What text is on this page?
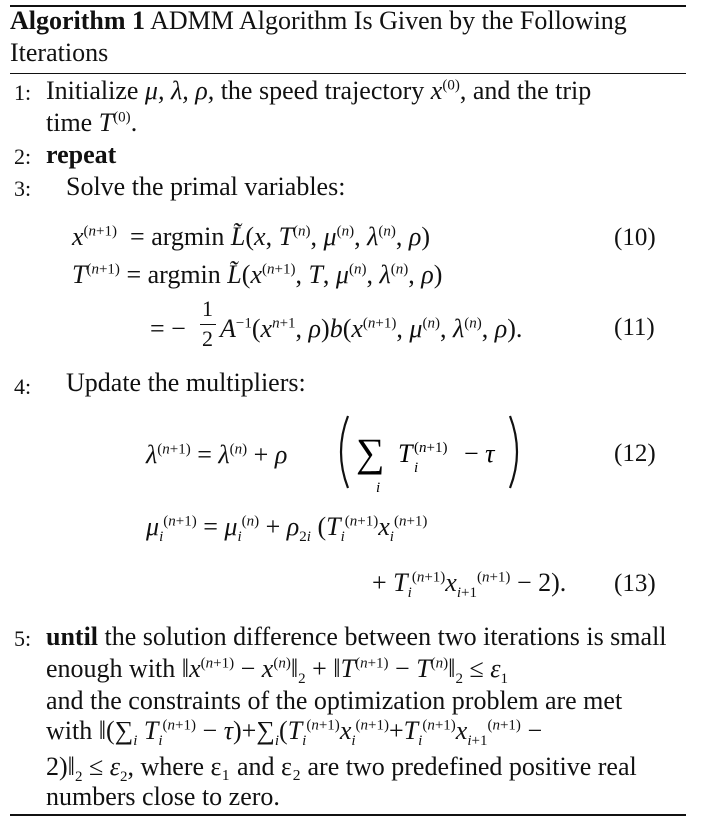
Algorithm 1 ADMM Algorithm Is Given by the Following
Iterations
1: Initialize μ, λ, ρ, the speed trajectory $x^{(0)}$, and the trip
time $T^{(0)}$.
2: repeat
3: Solve the primal variables:
$x^{(n+1)} = argmin$ L̃(x, $T^{(n)}$, $\mu^{(n)}$, $\lambda^{(n)}$, ρ)	(10)
$T^{(n+1)} = argmin$ $L̃(x^{(n+1)}$, T, $\mu^{(n)}$, $\lambda^{(n)}$, ρ)
= −
1
2 $A^{-1}(x^{n+1}$, $\rho)b(x^{(n+1)}$, $\mu^{(n)}$, $\lambda^{(n)}$, ρ).	(11)
4: Update the multipliers:
$\lambda^{(n+1)} = \lambda^{(n)} + \rho$ ∑
i
T (n+1)
i − τ	(12)
$\mu_i^{(n+1)} = \mu_i^{(n)} + \rho_{2i}$ ($T_i^{(n+1)}x_i^{(n+1)}$
+ $T_i^{(n+1)}x_{i+1}^{(n+1)} - 2$). (13)
5: until the solution difference between two iterations is small
enough with $‖x^{(n+1)}$ − $x^{(n)}‖_2$ + $‖T^{(n+1)}$ − $T^{(n)}‖_2 \le \varepsilon_1$
and the constraints of the optimization problem are met
with $‖(\sum_i$ $T_i^{(n+1)} - \tau)+\sum_i(T_i^{(n+1)}x_i^{(n+1)}+T_i^{(n+1)}x_{i+1}^{(n+1)}$ −
$2)‖_2 \le \varepsilon_2$, where ε₁ and ε₂ are two predefined positive real
numbers close to zero.
